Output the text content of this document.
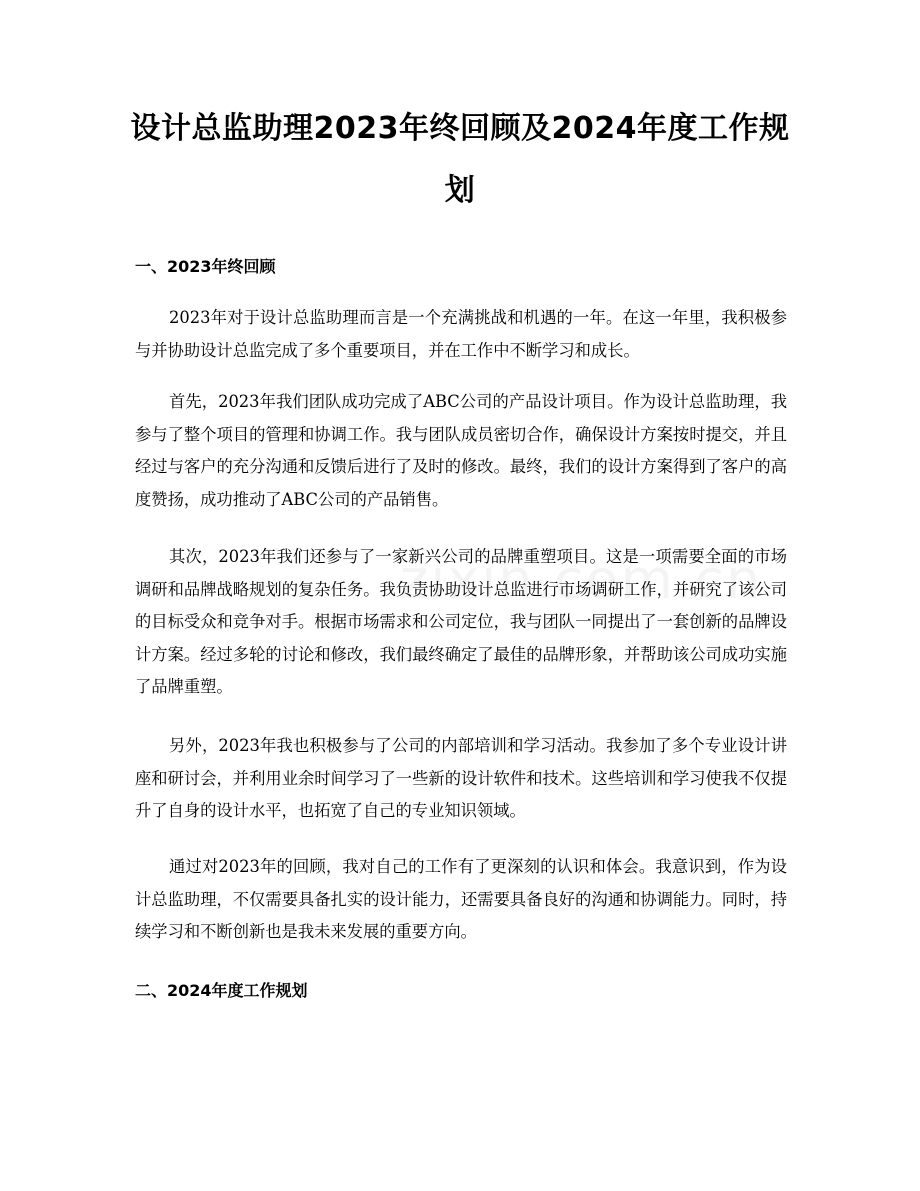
设计总监助理2023年终回顾及2024年度工作规划
一、2023年终回顾

2023年对于设计总监助理而言是一个充满挑战和机遇的一年。在这一年里，我积极参与并协助设计总监完成了多个重要项目，并在工作中不断学习和成长。

首先，2023年我们团队成功完成了ABC公司的产品设计项目。作为设计总监助理，我参与了整个项目的管理和协调工作。我与团队成员密切合作，确保设计方案按时提交，并且经过与客户的充分沟通和反馈后进行了及时的修改。最终，我们的设计方案得到了客户的高度赞扬，成功推动了ABC公司的产品销售。

其次，2023年我们还参与了一家新兴公司的品牌重塑项目。这是一项需要全面的市场调研和品牌战略规划的复杂任务。我负责协助设计总监进行市场调研工作，并研究了该公司的目标受众和竞争对手。根据市场需求和公司定位，我与团队一同提出了一套创新的品牌设计方案。经过多轮的讨论和修改，我们最终确定了最佳的品牌形象，并帮助该公司成功实施了品牌重塑。

另外，2023年我也积极参与了公司的内部培训和学习活动。我参加了多个专业设计讲座和研讨会，并利用业余时间学习了一些新的设计软件和技术。这些培训和学习使我不仅提升了自身的设计水平，也拓宽了自己的专业知识领域。

通过对2023年的回顾，我对自己的工作有了更深刻的认识和体会。我意识到，作为设计总监助理，不仅需要具备扎实的设计能力，还需要具备良好的沟通和协调能力。同时，持续学习和不断创新也是我未来发展的重要方向。

二、2024年度工作规划
